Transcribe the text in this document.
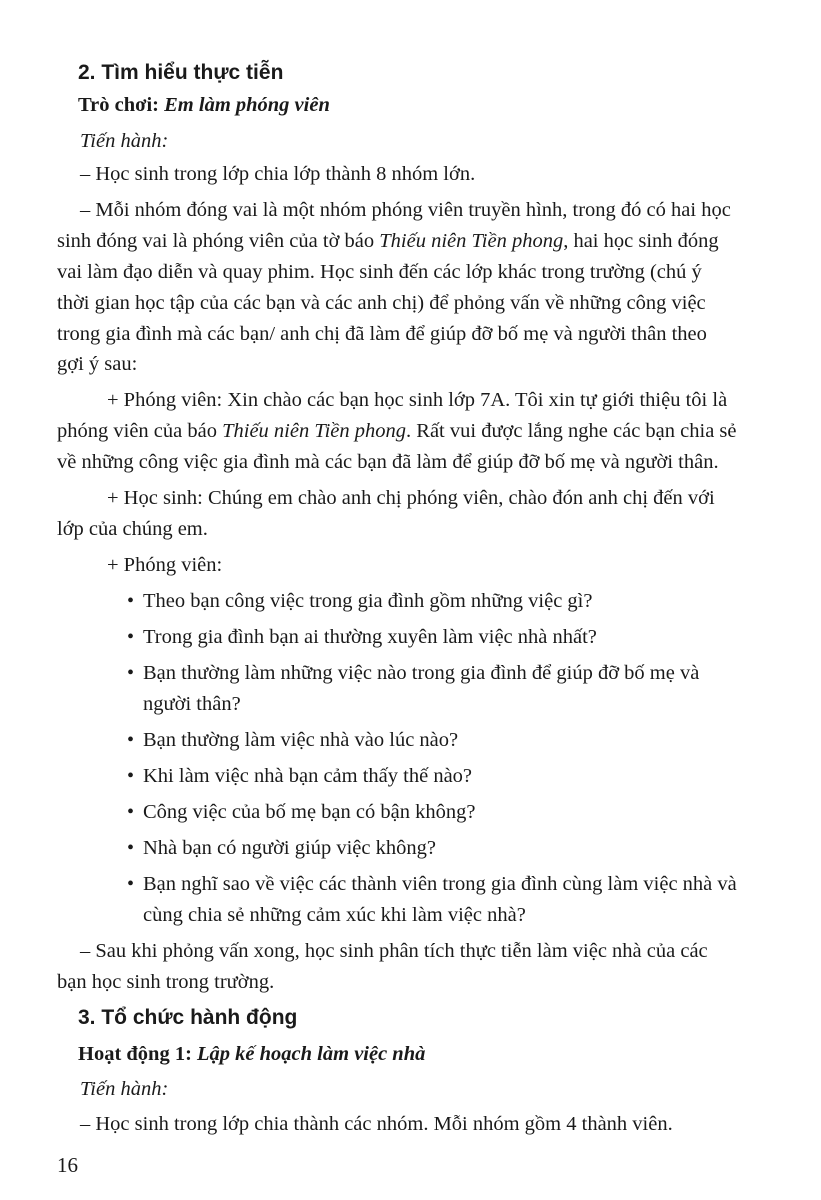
2. Tìm hiểu thực tiễn
Trò chơi: Em làm phóng viên
Tiến hành:
– Học sinh trong lớp chia lớp thành 8 nhóm lớn.
– Mỗi nhóm đóng vai là một nhóm phóng viên truyền hình, trong đó có hai học
sinh đóng vai là phóng viên của tờ báo Thiếu niên Tiền phong, hai học sinh đóng
vai làm đạo diễn và quay phim. Học sinh đến các lớp khác trong trường (chú ý
thời gian học tập của các bạn và các anh chị) để phỏng vấn về những công việc
trong gia đình mà các bạn/ anh chị đã làm để giúp đỡ bố mẹ và người thân theo
gợi ý sau:
+ Phóng viên: Xin chào các bạn học sinh lớp 7A. Tôi xin tự giới thiệu tôi là
phóng viên của báo Thiếu niên Tiền phong. Rất vui được lắng nghe các bạn chia sẻ
về những công việc gia đình mà các bạn đã làm để giúp đỡ bố mẹ và người thân.
+ Học sinh: Chúng em chào anh chị phóng viên, chào đón anh chị đến với
lớp của chúng em.
+ Phóng viên:
• Theo bạn công việc trong gia đình gồm những việc gì?
• Trong gia đình bạn ai thường xuyên làm việc nhà nhất?
• Bạn thường làm những việc nào trong gia đình để giúp đỡ bố mẹ và
người thân?
• Bạn thường làm việc nhà vào lúc nào?
• Khi làm việc nhà bạn cảm thấy thế nào?
• Công việc của bố mẹ bạn có bận không?
• Nhà bạn có người giúp việc không?
• Bạn nghĩ sao về việc các thành viên trong gia đình cùng làm việc nhà và
cùng chia sẻ những cảm xúc khi làm việc nhà?
– Sau khi phỏng vấn xong, học sinh phân tích thực tiễn làm việc nhà của các
bạn học sinh trong trường.
3. Tổ chức hành động
Hoạt động 1: Lập kế hoạch làm việc nhà
Tiến hành:
– Học sinh trong lớp chia thành các nhóm. Mỗi nhóm gồm 4 thành viên.
16
